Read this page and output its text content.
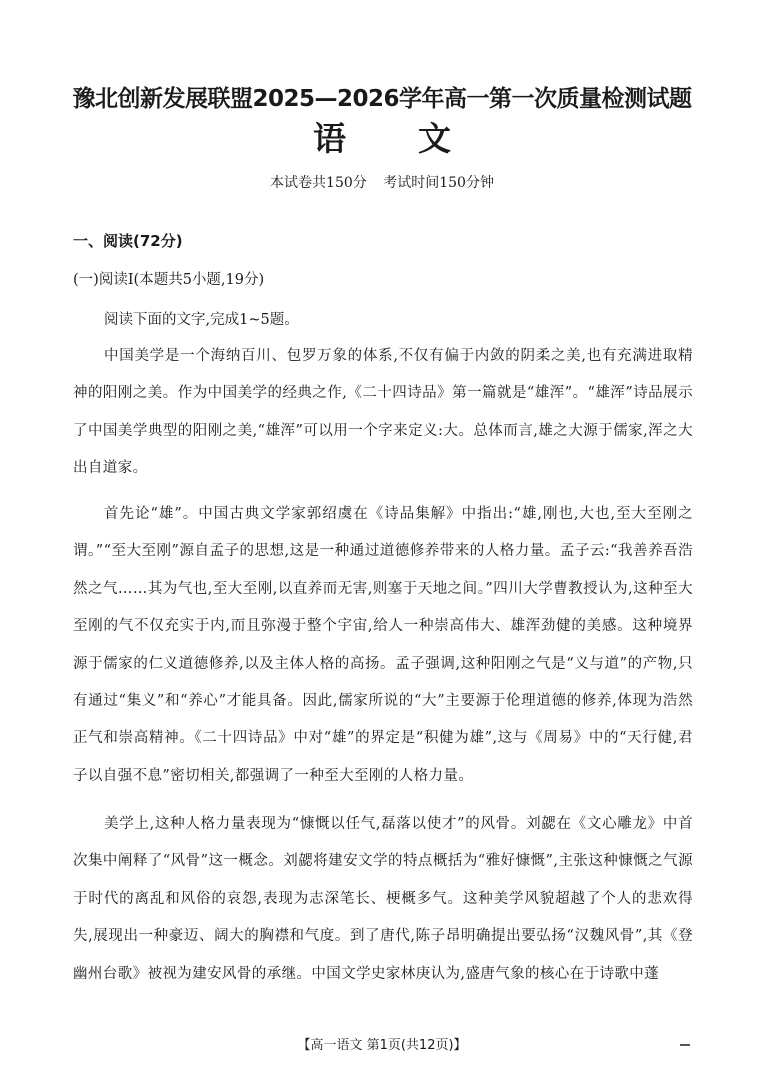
豫北创新发展联盟2025—2026学年高一第一次质量检测试题
语文
本试卷共150分 考试时间150分钟
一、阅读(72分)
(一)阅读Ⅰ(本题共5小题,19分)
阅读下面的文字,完成1~5题。

中国美学是一个海纳百川、包罗万象的体系,不仅有偏于内敛的阴柔之美,也有充满进取精神的阳刚之美。作为中国美学的经典之作,《二十四诗品》第一篇就是“雄浑”。“雄浑”诗品展示了中国美学典型的阳刚之美,“雄浑”可以用一个字来定义:大。总体而言,雄之大源于儒家,浑之大出自道家。

首先论“雄”。中国古典文学家郭绍虞在《诗品集解》中指出:“雄,刚也,大也,至大至刚之谓。”“至大至刚”源自孟子的思想,这是一种通过道德修养带来的人格力量。孟子云:“我善养吾浩然之气……其为气也,至大至刚,以直养而无害,则塞于天地之间。”四川大学曹教授认为,这种至大至刚的气不仅充实于内,而且弥漫于整个宇宙,给人一种崇高伟大、雄浑劲健的美感。这种境界源于儒家的仁义道德修养,以及主体人格的高扬。孟子强调,这种阳刚之气是“义与道”的产物,只有通过“集义”和“养心”才能具备。因此,儒家所说的“大”主要源于伦理道德的修养,体现为浩然正气和崇高精神。《二十四诗品》中对“雄”的界定是“积健为雄”,这与《周易》中的“天行健,君子以自强不息”密切相关,都强调了一种至大至刚的人格力量。

美学上,这种人格力量表现为“慷慨以任气,磊落以使才”的风骨。刘勰在《文心雕龙》中首次集中阐释了“风骨”这一概念。刘勰将建安文学的特点概括为“雅好慷慨”,主张这种慷慨之气源于时代的离乱和风俗的哀怨,表现为志深笔长、梗概多气。这种美学风貌超越了个人的悲欢得失,展现出一种豪迈、阔大的胸襟和气度。到了唐代,陈子昂明确提出要弘扬“汉魏风骨”,其《登幽州台歌》被视为建安风骨的承继。中国文学史家林庚认为,盛唐气象的核心在于诗歌中蓬

【高一语文 第1页(共12页)】
